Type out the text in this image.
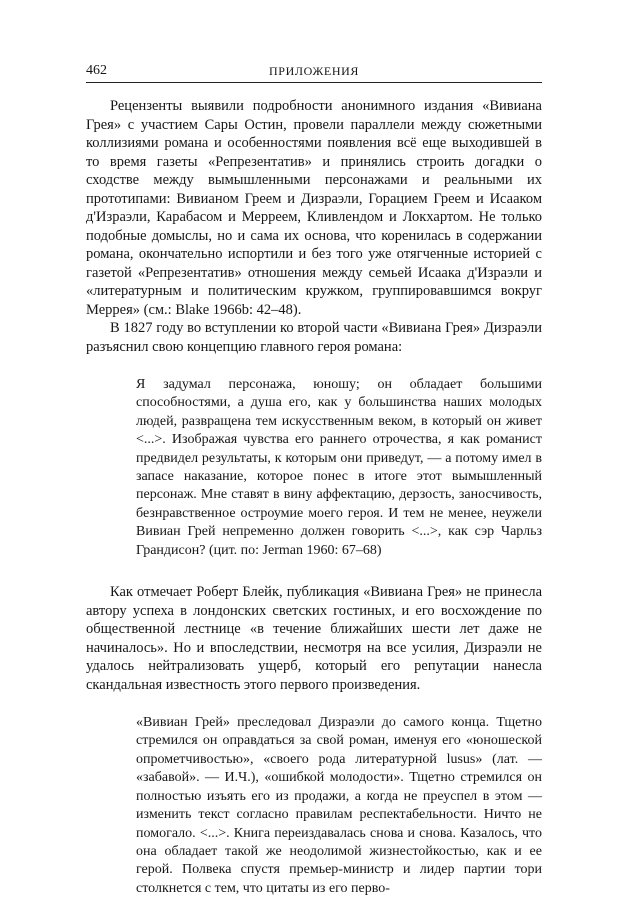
462	ПРИЛОЖЕНИЯ

Рецензенты выявили подробности анонимного издания «Вивиана Грея» с участием Сары Остин, провели параллели между сюжетными коллизиями романа и особенностями появления всё еще выходившей в то время газеты «Репрезентатив» и принялись строить догадки о сходстве между вымышленными персонажами и реальными их прототипами: Вивианом Греем и Дизраэли, Горацием Греем и Исааком д'Израэли, Карабасом и Мерреем, Кливлендом и Локхартом. Не только подобные домыслы, но и сама их основа, что коренилась в содержании романа, окончательно испортили и без того уже отягченные историей с газетой «Репрезентатив» отношения между семьей Исаака д'Израэли и «литературным и политическим кружком, группировавшимся вокруг Меррея» (см.: Blake 1966b: 42–48).

В 1827 году во вступлении ко второй части «Вивиана Грея» Дизраэли разъяснил свою концепцию главного героя романа:

Я задумал персонажа, юношу; он обладает большими способностями, а душа его, как у большинства наших молодых людей, развращена тем искусственным веком, в который он живет <...>. Изображая чувства его раннего отрочества, я как романист предвидел результаты, к которым они приведут, — а потому имел в запасе наказание, которое понес в итоге этот вымышленный персонаж. Мне ставят в вину аффектацию, дерзость, заносчивость, безнравственное остроумие моего героя. И тем не менее, неужели Вивиан Грей непременно должен говорить <...>, как сэр Чарльз Грандисон? (цит. по: Jerman 1960: 67–68)

Как отмечает Роберт Блейк, публикация «Вивиана Грея» не принесла автору успеха в лондонских светских гостиных, и его восхождение по общественной лестнице «в течение ближайших шести лет даже не начиналось». Но и впоследствии, несмотря на все усилия, Дизраэли не удалось нейтрализовать ущерб, который его репутации нанесла скандальная известность этого первого произведения.

«Вивиан Грей» преследовал Дизраэли до самого конца. Тщетно стремился он оправдаться за свой роман, именуя его «юношеской опрометчивостью», «своего рода литературной lusus» (лат. — «забавой». — И.Ч.), «ошибкой молодости». Тщетно стремился он полностью изъять его из продажи, а когда не преуспел в этом — изменить текст согласно правилам респектабельности. Ничто не помогало. <...>. Книга переиздавалась снова и снова. Казалось, что она обладает такой же неодолимой жизнестойкостью, как и ее герой. Полвека спустя премьер-министр и лидер партии тори столкнется с тем, что цитаты из его перво-
